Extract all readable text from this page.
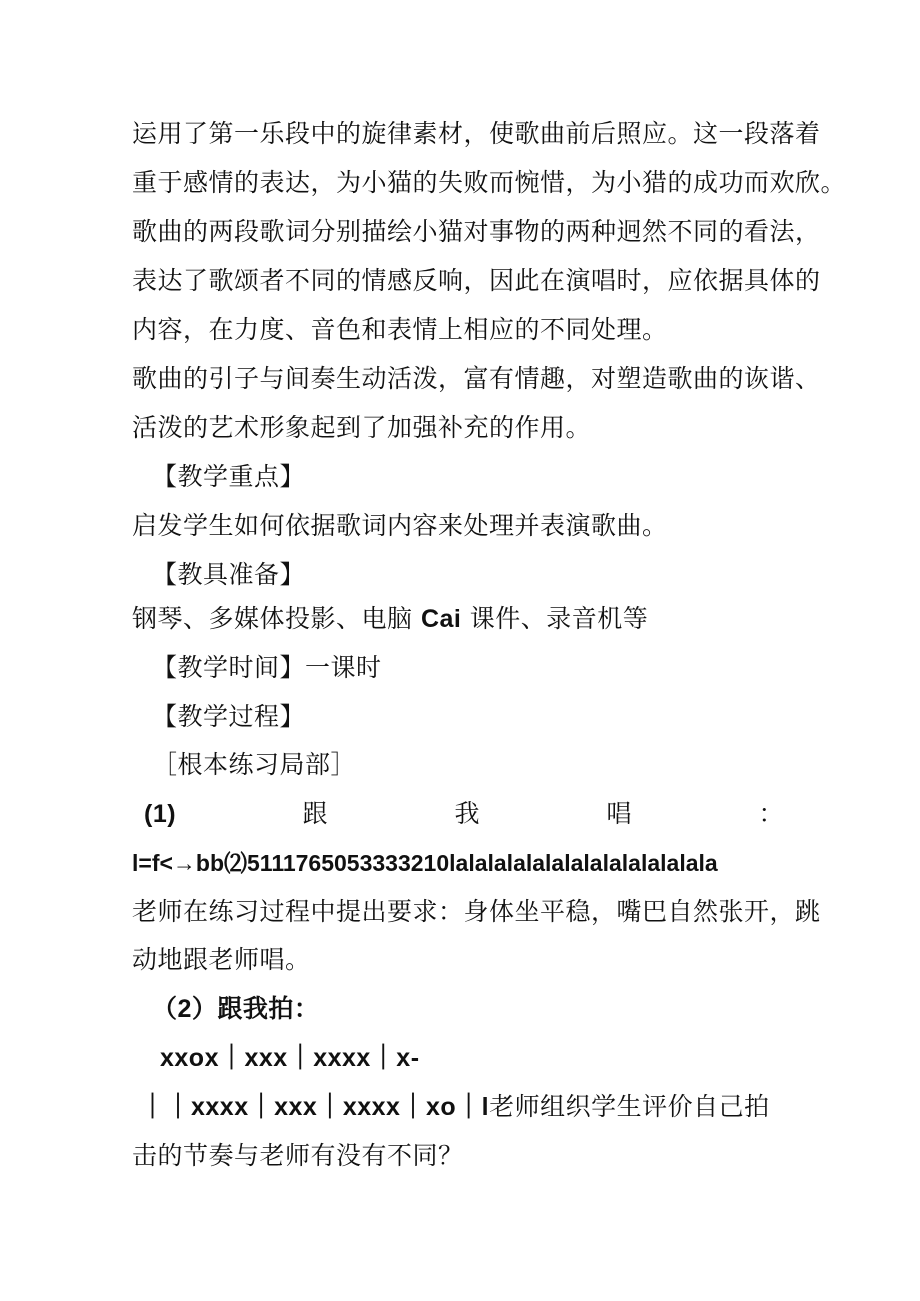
运用了第一乐段中的旋律素材，使歌曲前后照应。这一段落着
重于感情的表达，为小猫的失败而惋惜，为小猎的成功而欢欣。
歌曲的两段歌词分别描绘小猫对事物的两种迥然不同的看法，
表达了歌颂者不同的情感反响，因此在演唱时，应依据具体的
内容，在力度、音色和表情上相应的不同处理。
歌曲的引子与间奏生动活泼，富有情趣，对塑造歌曲的诙谐、
活泼的艺术形象起到了加强补充的作用。
【教学重点】
启发学生如何依据歌词内容来处理并表演歌曲。
【教具准备】
钢琴、多媒体投影、电脑 Cai 课件、录音机等
【教学时间】一课时
【教学过程】
［根本练习局部］
(1)	跟	我	唱	：
l=f<→bb⑵5111765053333210lalalalalalalalalalalalalala
老师在练习过程中提出要求：身体坐平稳，嘴巴自然张开，跳
动地跟老师唱。
（2）跟我拍：
xxox｜xxx｜xxxx｜x-
｜｜xxxx｜xxx｜xxxx｜xo｜l老师组织学生评价自己拍
击的节奏与老师有没有不同？
